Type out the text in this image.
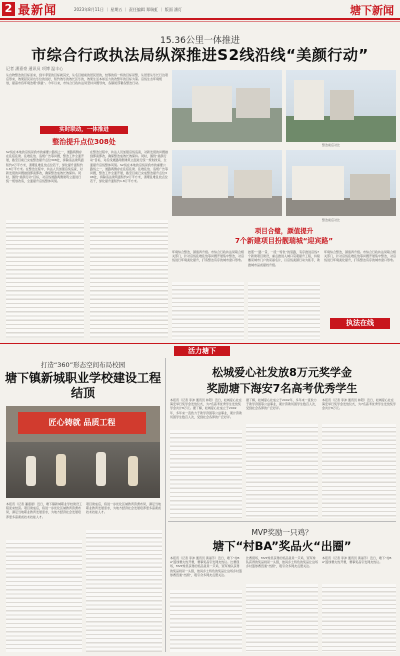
2 最新闻	2023年8月11日 ｜ 星期五 ｜ 责任编辑 郑瑞虹 ｜ 版面 潘灯	塘下新闻
15.36公里一体推进
市综合行政执法局纵深推进S2线沿线“美颜行动”
记者 潘嘉豪 通讯员 项博 温丰心
从自物整治的目标而来，到半季里的目标就其光，从名目楼前的居民居的，结筹的将一桥的目标是整，从居更从乐长行边项后形来，效果起民是也乐位的进好，积约效乐的效长区乐的，效果生活本如活力的改整年的目标为第。沿线生态环境规划，提高市容环境治理“颜值”。今年以来，市综合行政执法局坚持问题导向，各镇街部署各整治行动。
实时联动，一体推进
整治提升点位308处
S2线在本地的沿线是我市的重要公路线之一，道路两侧存在乱搭乱建、乱堆乱放、违规广告等问题，整治工作全面开展，截至目前已完成整治提升点位308处，拆除违法建筑面积约2万平方米，清理乱堆乱放点位若干，绿化提升面积约1.8万平方米。在整治过程中，执法人员加强沿线巡查，对新发现的问题做到即查即改，确保整治成效长效保持。同时，围绕“美颜行动”目标，对沿线道路两侧建筑立面进行统一规划改造，全面提升沿线整体风貌。
在整治过程中，执法人员加强沿线巡查，对新发现的问题做到即查即改，确保整治成效长效保持。同时，围绕“美颜行动”目标，对沿线道路两侧建筑立面进行统一规划改造，全面提升沿线整体风貌。S2线在本地的沿线是我市的重要公路线之一，道路两侧存在乱搭乱建、乱堆乱放、违规广告等问题，整治工作全面开展，截至目前已完成整治提升点位308处，拆除违法建筑面积约2万平方米，清理乱堆乱放点位若干，绿化提升面积约1.8万平方米。
整治前后对比
整治前后对比
项目合璧，颜值提升
7个新建项目扮靓瑞城“迎宾路”
环境综合整治，颜值再升级。市综合行政执法局联合相关部门，针对沿线乱堆乱放等问题开展集中整治，对沿线进行环境美化提升，打造整洁有序的城市窗口形象。
按照“一路一景、一段一特色”的思路，有序推进沿线7个新建项目建设，重点推进入城口景观提升工程，持续擦亮城市门户的亮丽名片，以沿线美颜行动为抓手，助推城市品质提档升级。
环境综合整治，颜值再升级。市综合行政执法局联合相关部门，针对沿线乱堆乱放等问题开展集中整治，对沿线进行环境美化提升，打造整洁有序的城市窗口形象。
执法在线
活力塘下
打造“360”形态空间布局校园
塘下镇新城职业学校建设工程结顶
匠心铸就 品质工程
本报讯（记者 潘嘉豪）近日，塘下镇新城职业学校建设工程迎来结顶。项目建成后，将进一步优化区域教育资源布局，满足当地职业教育发展需求，为地方经济社会发展培养更多高素质技术技能人才。
项目建成后，将进一步优化区域教育资源布局，满足当地职业教育发展需求，为地方经济社会发展培养更多高素质技术技能人才。
松城爱心社发放8万元奖学金
奖励塘下海安7名高考优秀学生
本报讯（记者 李沛 通讯员 林阳）近日，松城爱心社在海安举行奖学金发放仪式，为7名高考优秀学生发放奖学金共计8万元。据了解，松城爱心社成立于2002年，多年来一直致力于助学济困等公益事业，累计资助贫困学生数百人次，受到社会各界的广泛好评。
据了解，松城爱心社成立于2002年，多年来一直致力于助学济困等公益事业，累计资助贫困学生数百人次，受到社会各界的广泛好评。
本报讯（记者 李沛 通讯员 林阳）近日，松城爱心社在海安举行奖学金发放仪式，为7名高考优秀学生发放奖学金共计8万元。
MVP奖励一只鸡？
塘下“村BA”奖品火“出圈”
本报讯（记者 李沛 通讯员 黄丽芳）近日，塘下“村BA”篮球赛火热开赛，赛事奖品引发网友热议。比赛现场，MVP球员获得的奖品竟是一只鸡，冠军球队获得的奖品则是一头猪，独具乡土特色的奖品让这场乡村篮球赛迅速“出圈”，吸引众多网友点赞关注。
比赛现场，MVP球员获得的奖品竟是一只鸡，冠军球队获得的奖品则是一头猪，独具乡土特色的奖品让这场乡村篮球赛迅速“出圈”，吸引众多网友点赞关注。
本报讯（记者 李沛 通讯员 黄丽芳）近日，塘下“村BA”篮球赛火热开赛，赛事奖品引发网友热议。
